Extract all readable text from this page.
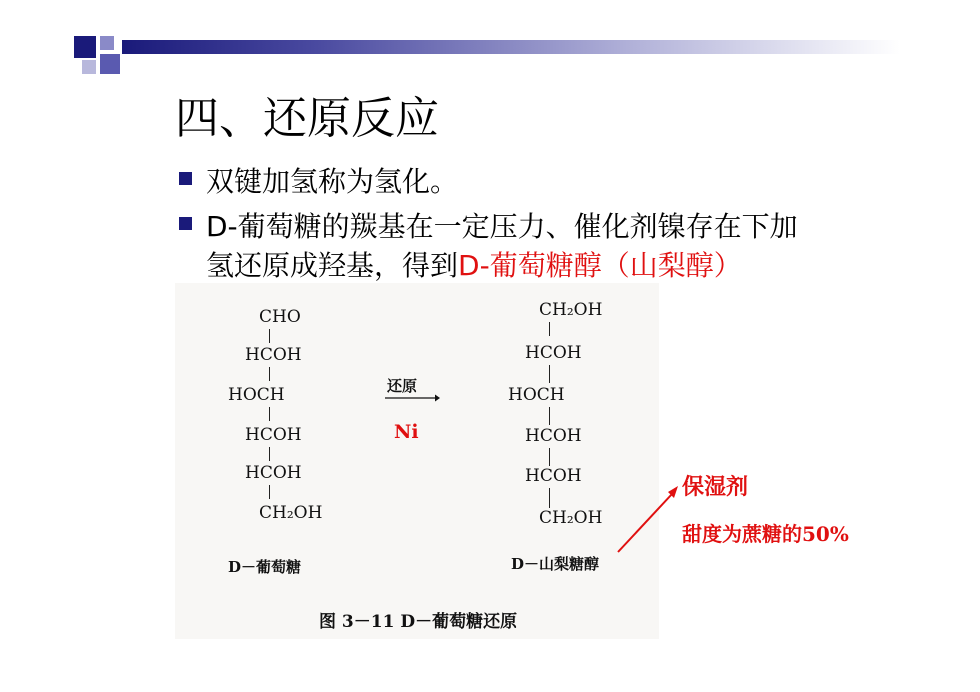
四、还原反应
双键加氢称为氢化。
D-葡萄糖的羰基在一定压力、催化剂镍存在下加
氢还原成羟基，得到D-葡萄糖醇（山梨醇）
CHO
HCOH
HOCH
HCOH
HCOH
CH₂OH
还原
Ni
CH₂OH
HCOH
HOCH
HCOH
HCOH
CH₂OH
D－葡萄糖	D－山梨糖醇
图 3－11 D－葡萄糖还原
保湿剂
甜度为蔗糖的50%
